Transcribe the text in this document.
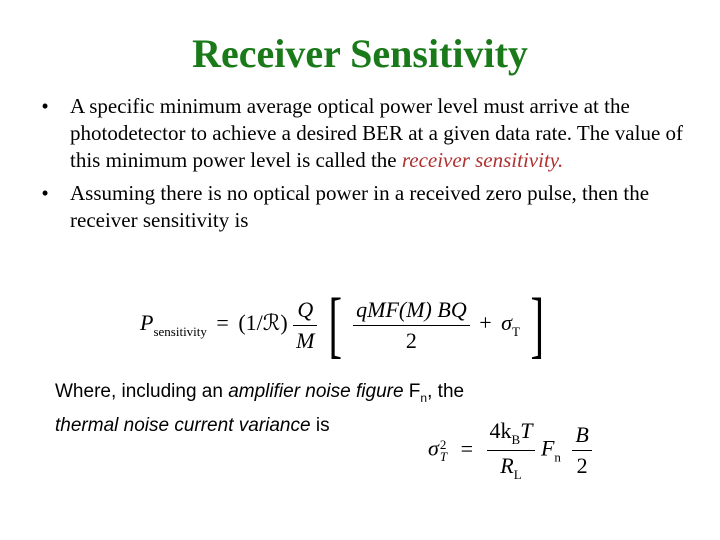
Receiver Sensitivity
•	A specific minimum average optical power level must arrive at the photodetector to achieve a desired BER at a given data rate. The value of this minimum power level is called the receiver sensitivity.
•	Assuming there is no optical power in a received zero pulse, then the receiver sensitivity is
$P_{sensitivity}$ = (1/ℛ) $\frac{Q}{M}$ [ $\frac{\text{qMF(M) BQ}}{2} + \sigma_T$ ]
Where, including an amplifier noise figure $F_n$, the
thermal noise current variance is
σ 2
$T = \frac{4k_BT}{R_L} F_n \frac{B}{2}$
